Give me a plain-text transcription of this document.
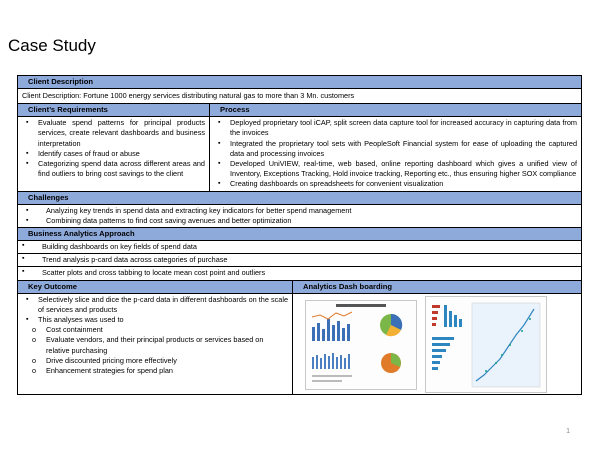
Case Study
Client Description
Client Description: Fortune 1000 energy services distributing natural gas to more than 3 Mn. customers
Client’s Requirements	Process
▪ Evaluate spend patterns for principal products services, create relevant dashboards and business interpretation
▪ Identify cases of fraud or abuse
▪ Categorizing spend data across different areas and find outliers to bring cost savings to the client
▪ Deployed proprietary tool iCAP, split screen data capture tool for increased accuracy in capturing data from the invoices
▪ Integrated the proprietary tool sets with PeopleSoft Financial system for ease of uploading the captured data and processing invoices
▪ Developed UniVIEW, real-time, web based, online reporting dashboard which gives a unified view of Inventory, Exceptions Tracking, Hold invoice tracking, Reporting etc., thus ensuring higher SOX compliance
▪ Creating dashboards on spreadsheets for convenient visualization
Challenges
▪ Analyzing key trends in spend data and extracting key indicators for better spend management
▪ Combining data patterns to find cost saving avenues and better optimization
Business Analytics Approach
▪ Building dashboards on key fields of spend data
▪ Trend analysis p-card data across categories of purchase
▪ Scatter plots and cross tabbing to locate mean cost point and outliers
Key Outcome	Analytics Dash boarding
▪ Selectively slice and dice the p-card data in different dashboards on the scale of services and products
▪ This analyses was used to
o Cost containment
o Evaluate vendors, and their principal products or services based on relative purchasing
o Drive discounted pricing more effectively
o Enhancement strategies for spend plan
1
